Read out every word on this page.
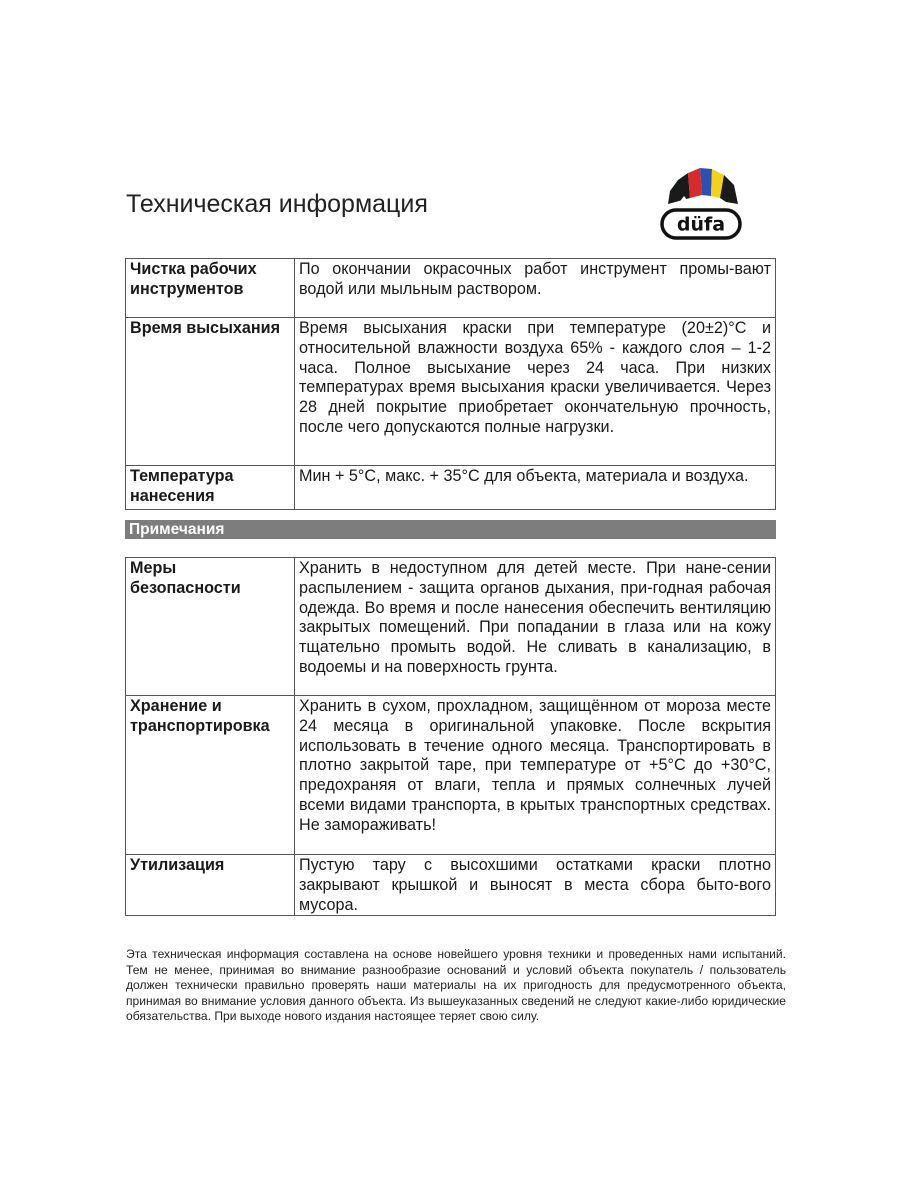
Техническая информация
düfa
Чистка рабочих инструментов	По окончании окрасочных работ инструмент промы-вают водой или мыльным раствором.
Время высыхания	Время высыхания краски при температуре (20±2)°С и относительной влажности воздуха 65% - каждого слоя – 1-2 часа. Полное высыхание через 24 часа. При низких температурах время высыхания краски увеличивается. Через 28 дней покрытие приобретает окончательную прочность, после чего допускаются полные нагрузки.
Температура нанесения	Мин + 5°С, макс. + 35°С для объекта, материала и воздуха.
Примечания
Меры безопасности	Хранить в недоступном для детей месте. При нане-сении распылением - защита органов дыхания, при-годная рабочая одежда. Во время и после нанесения обеспечить вентиляцию закрытых помещений. При попадании в глаза или на кожу тщательно промыть водой. Не сливать в канализацию, в водоемы и на поверхность грунта.
Хранение и транспортировка	Хранить в сухом, прохладном, защищённом от мороза месте 24 месяца в оригинальной упаковке. После вскрытия использовать в течение одного месяца. Транспортировать в плотно закрытой таре, при температуре от +5°С до +30°С, предохраняя от влаги, тепла и прямых солнечных лучей всеми видами транспорта, в крытых транспортных средствах. Не замораживать!
Утилизация	Пустую тару с высохшими остатками краски плотно закрывают крышкой и выносят в места сбора быто-вого мусора.

Эта техническая информация составлена на основе новейшего уровня техники и проведенных нами испытаний. Тем не менее, принимая во внимание разнообразие оснований и условий объекта покупатель / пользователь должен технически правильно проверять наши материалы на их пригодность для предусмотренного объекта, принимая во внимание условия данного объекта. Из вышеуказанных сведений не следуют какие-либо юридические обязательства. При выходе нового издания настоящее теряет свою силу.
